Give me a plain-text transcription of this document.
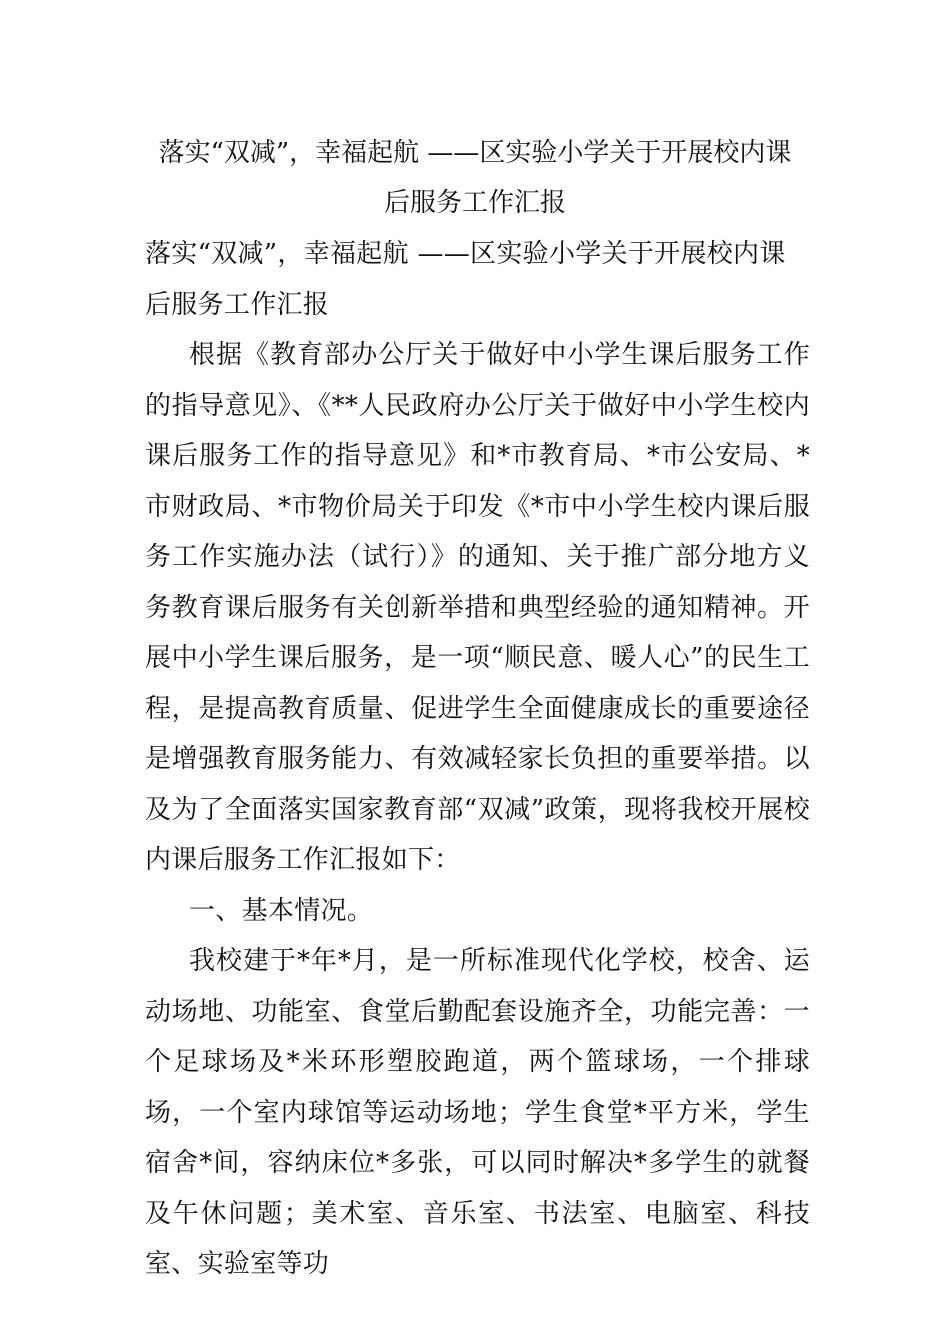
落实“双减”，幸福起航 ——区实验小学关于开展校内课
后服务工作汇报
落实“双减”，幸福起航 ——区实验小学关于开展校内课
后服务工作汇报
根据《教育部办公厅关于做好中小学生课后服务工作的指导意见》、《**人民政府办公厅关于做好中小学生校内课后服务工作的指导意见》和*市教育局、*市公安局、*市财政局、*市物价局关于印发《*市中小学生校内课后服务工作实施办法（试行）》的通知、关于推广部分地方义务教育课后服务有关创新举措和典型经验的通知精神。开展中小学生课后服务，是一项“顺民意、暖人心”的民生工程，是提高教育质量、促进学生全面健康成长的重要途径是增强教育服务能力、有效减轻家长负担的重要举措。以及为了全面落实国家教育部“双减”政策，现将我校开展校内课后服务工作汇报如下：
一、基本情况。
我校建于*年*月，是一所标准现代化学校，校舍、运动场地、功能室、食堂后勤配套设施齐全，功能完善：一个足球场及*米环形塑胶跑道，两个篮球场，一个排球场，一个室内球馆等运动场地；学生食堂*平方米，学生宿舍*间，容纳床位*多张，可以同时解决*多学生的就餐及午休问题；美术室、音乐室、书法室、电脑室、科技室、实验室等功
